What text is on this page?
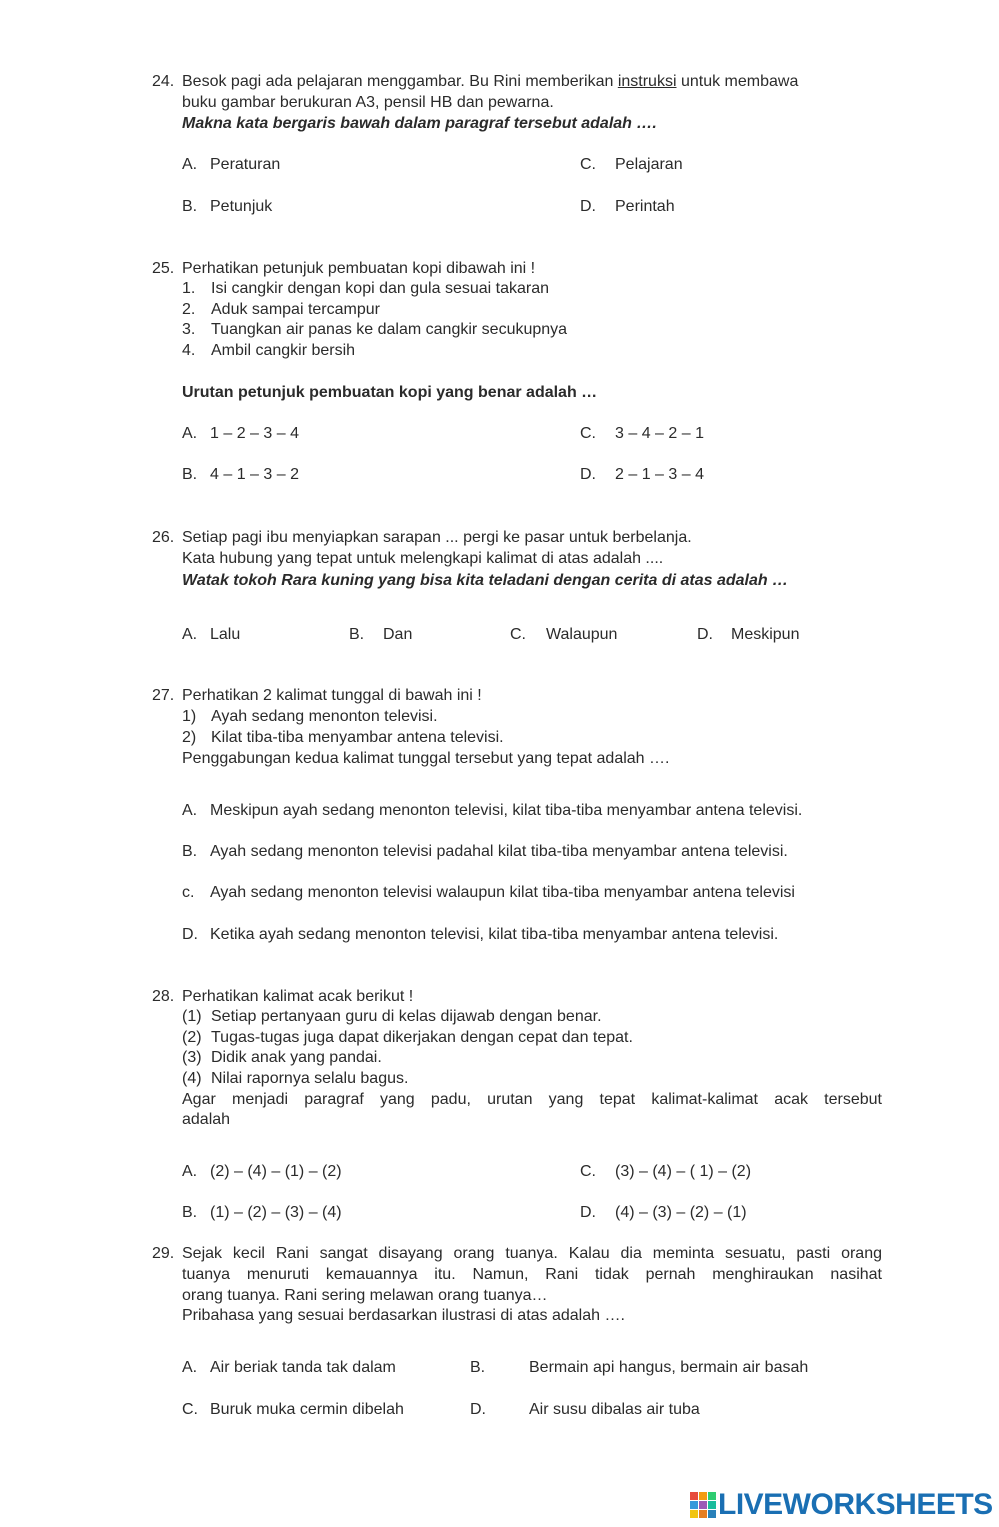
24. Besok pagi ada pelajaran menggambar. Bu Rini memberikan instruksi untuk membawa
buku gambar berukuran A3, pensil HB dan pewarna.
Makna kata bergaris bawah dalam paragraf tersebut adalah ….
A. Peraturan	C. Pelajaran
B. Petunjuk	D. Perintah
25. Perhatikan petunjuk pembuatan kopi dibawah ini !
1. Isi cangkir dengan kopi dan gula sesuai takaran
2. Aduk sampai tercampur
3. Tuangkan air panas ke dalam cangkir secukupnya
4. Ambil cangkir bersih
Urutan petunjuk pembuatan kopi yang benar adalah …
A. 1 – 2 – 3 – 4	C. 3 – 4 – 2 – 1
B. 4 – 1 – 3 – 2	D. 2 – 1 – 3 – 4
26. Setiap pagi ibu menyiapkan sarapan ... pergi ke pasar untuk berbelanja.
Kata hubung yang tepat untuk melengkapi kalimat di atas adalah ....
Watak tokoh Rara kuning yang bisa kita teladani dengan cerita di atas adalah …
A. Lalu	B. Dan	C. Walaupun	D. Meskipun
27. Perhatikan 2 kalimat tunggal di bawah ini !
1) Ayah sedang menonton televisi.
2) Kilat tiba-tiba menyambar antena televisi.
Penggabungan kedua kalimat tunggal tersebut yang tepat adalah ….
A. Meskipun ayah sedang menonton televisi, kilat tiba-tiba menyambar antena televisi.
B. Ayah sedang menonton televisi padahal kilat tiba-tiba menyambar antena televisi.
c. Ayah sedang menonton televisi walaupun kilat tiba-tiba menyambar antena televisi
D. Ketika ayah sedang menonton televisi, kilat tiba-tiba menyambar antena televisi.
28. Perhatikan kalimat acak berikut !
(1) Setiap pertanyaan guru di kelas dijawab dengan benar.
(2) Tugas-tugas juga dapat dikerjakan dengan cepat dan tepat.
(3) Didik anak yang pandai.
(4) Nilai rapornya selalu bagus.
Agar menjadi paragraf yang padu, urutan yang tepat kalimat-kalimat acak tersebut
adalah
A. (2) – (4) – (1) – (2)	C. (3) – (4) – ( 1) – (2)
B. (1) – (2) – (3) – (4)	D. (4) – (3) – (2) – (1)
29. Sejak kecil Rani sangat disayang orang tuanya. Kalau dia meminta sesuatu, pasti orang
tuanya menuruti kemauannya itu. Namun, Rani tidak pernah menghiraukan nasihat
orang tuanya. Rani sering melawan orang tuanya…
Pribahasa yang sesuai berdasarkan ilustrasi di atas adalah ….
A. Air beriak tanda tak dalam	B.	Bermain api hangus, bermain air basah
C. Buruk muka cermin dibelah	D.	Air susu dibalas air tuba
LIVEWORKSHEETS
